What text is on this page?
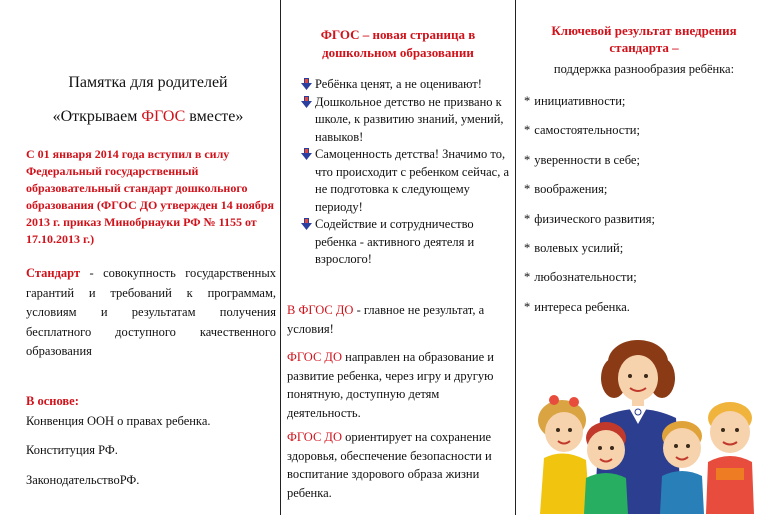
Памятка для родителей
«Открываем ФГОС вместе»
С 01 января 2014 года вступил в силу Федеральный государственный образовательный стандарт дошкольного образования (ФГОС ДО утвержден 14 ноября 2013 г. приказ Минобрнауки РФ № 1155 от 17.10.2013 г.)
Стандарт - совокупность государственных гарантий и требований к программам, условиям и результатам получения бесплатного доступного качественного образования
В основе:
Конвенция ООН о правах ребенка.
Конституция РФ.
ЗаконодательствоРФ.
ФГОС – новая страница в дошкольном образовании
Ребёнка ценят, а не оценивают!
Дошкольное детство не призвано к школе, к развитию знаний, умений, навыков!
Самоценность детства! Значимо то, что происходит с ребенком сейчас, а не подготовка к следующему периоду!
Содействие и сотрудничество ребенка - активного деятеля и взрослого!
В ФГОС ДО - главное не результат, а условия!
ФГОС ДО направлен на образование и развитие ребенка, через игру и другую понятную, доступную детям деятельность.
ФГОС ДО ориентирует на сохранение здоровья, обеспечение безопасности и воспитание здорового образа жизни ребенка.
Ключевой результат внедрения стандарта –
поддержка разнообразия ребёнка:
* инициативности;
* самостоятельности;
* уверенности в себе;
* воображения;
* физического развития;
* волевых усилий;
* любознательности;
* интереса ребенка.
